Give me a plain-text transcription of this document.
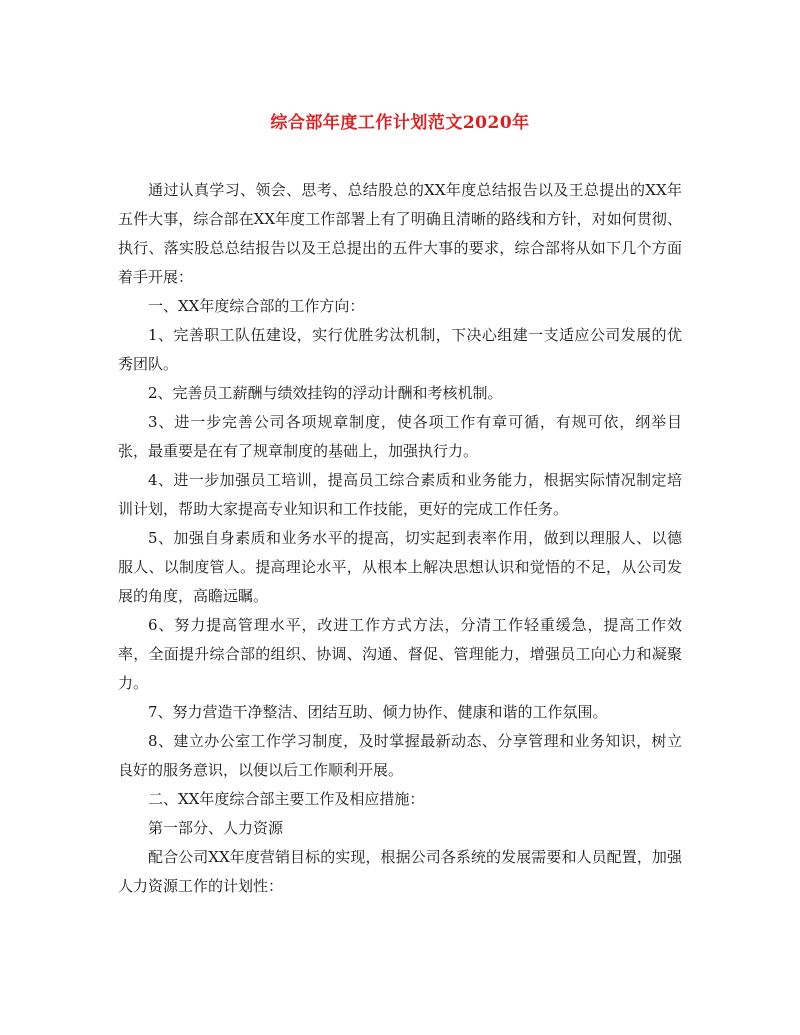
综合部年度工作计划范文2020年

通过认真学习、领会、思考、总结股总的XX年度总结报告以及王总提出的XX年五件大事，综合部在XX年度工作部署上有了明确且清晰的路线和方针，对如何贯彻、执行、落实股总总结报告以及王总提出的五件大事的要求，综合部将从如下几个方面着手开展：

一、XX年度综合部的工作方向：

1、完善职工队伍建设，实行优胜劣汰机制，下决心组建一支适应公司发展的优秀团队。

2、完善员工薪酬与绩效挂钩的浮动计酬和考核机制。

3、进一步完善公司各项规章制度，使各项工作有章可循，有规可依，纲举目张，最重要是在有了规章制度的基础上，加强执行力。

4、进一步加强员工培训，提高员工综合素质和业务能力，根据实际情况制定培训计划，帮助大家提高专业知识和工作技能，更好的完成工作任务。

5、加强自身素质和业务水平的提高，切实起到表率作用，做到以理服人、以德服人、以制度管人。提高理论水平，从根本上解决思想认识和觉悟的不足，从公司发展的角度，高瞻远瞩。

6、努力提高管理水平，改进工作方式方法，分清工作轻重缓急，提高工作效率，全面提升综合部的组织、协调、沟通、督促、管理能力，增强员工向心力和凝聚力。

7、努力营造干净整洁、团结互助、倾力协作、健康和谐的工作氛围。

8、建立办公室工作学习制度，及时掌握最新动态、分享管理和业务知识，树立良好的服务意识，以便以后工作顺利开展。

二、XX年度综合部主要工作及相应措施：

第一部分、人力资源

配合公司XX年度营销目标的实现，根据公司各系统的发展需要和人员配置，加强人力资源工作的计划性：
